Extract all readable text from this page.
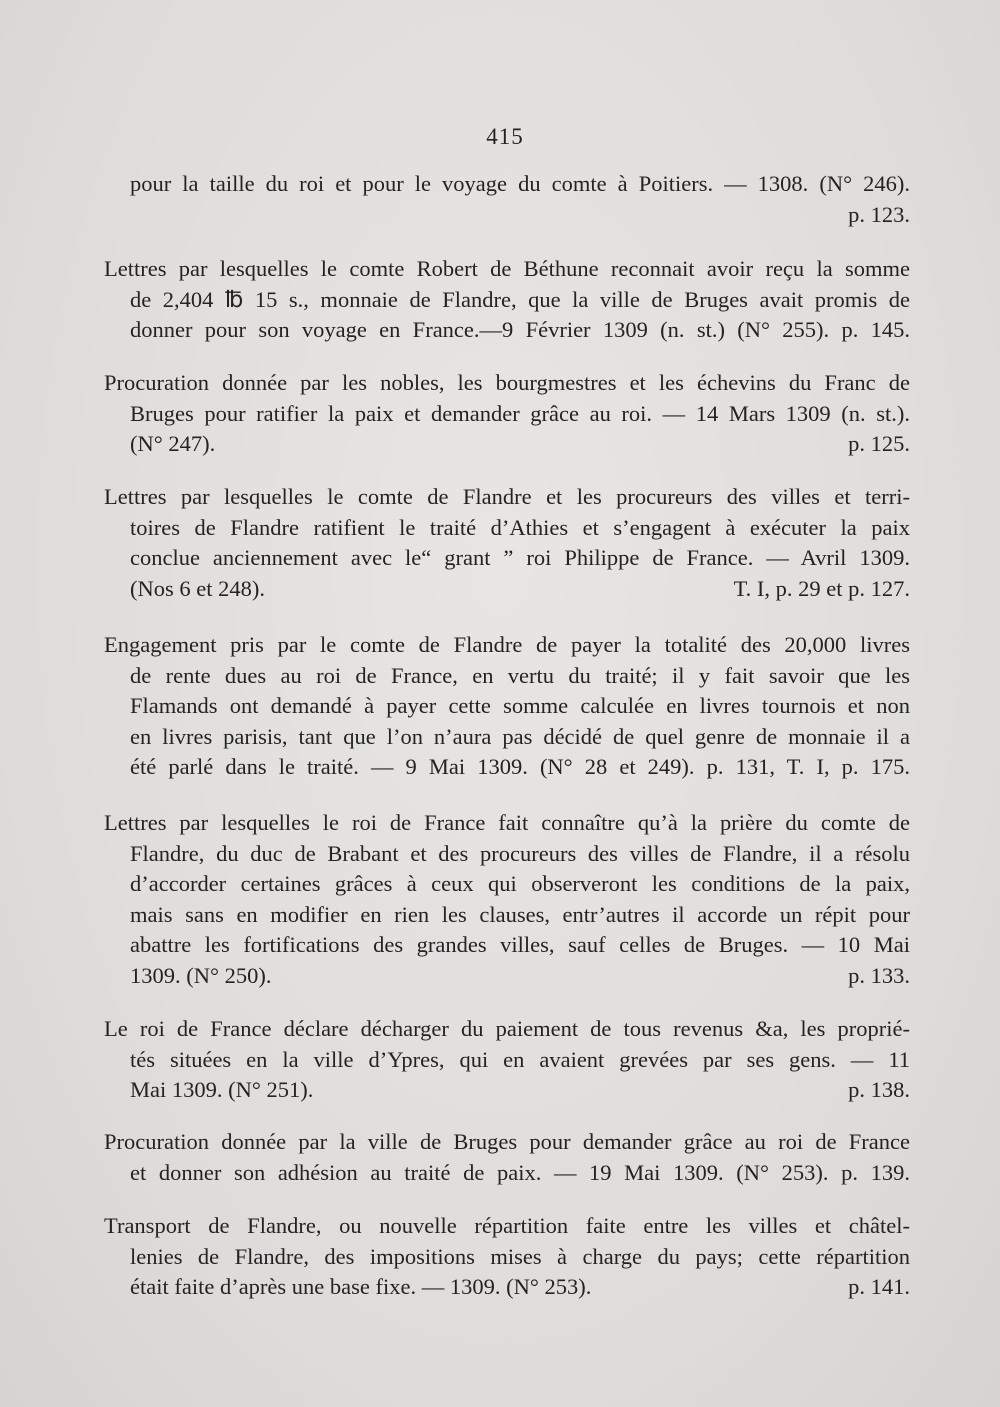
415
pour la taille du roi et pour le voyage du comte à Poitiers. — 1308. (N° 246).
p. 123.
Lettres par lesquelles le comte Robert de Béthune reconnait avoir reçu la somme
de 2,404 ℔ 15 s., monnaie de Flandre, que la ville de Bruges avait promis de
donner pour son voyage en France.—9 Février 1309 (n. st.) (N° 255). p. 145.
Procuration donnée par les nobles, les bourgmestres et les échevins du Franc de
Bruges pour ratifier la paix et demander grâce au roi. — 14 Mars 1309 (n. st.).
(N° 247).	p. 125.
Lettres par lesquelles le comte de Flandre et les procureurs des villes et terri-
toires de Flandre ratifient le traité d’Athies et s’engagent à exécuter la paix
conclue anciennement avec le“ grant ” roi Philippe de France. — Avril 1309.
(Nos 6 et 248).	T. I, p. 29 et p. 127.
Engagement pris par le comte de Flandre de payer la totalité des 20,000 livres
de rente dues au roi de France, en vertu du traité; il y fait savoir que les
Flamands ont demandé à payer cette somme calculée en livres tournois et non
en livres parisis, tant que l’on n’aura pas décidé de quel genre de monnaie il a
été parlé dans le traité. — 9 Mai 1309. (N° 28 et 249). p. 131, T. I, p. 175.
Lettres par lesquelles le roi de France fait connaître qu’à la prière du comte de
Flandre, du duc de Brabant et des procureurs des villes de Flandre, il a résolu
d’accorder certaines grâces à ceux qui observeront les conditions de la paix,
mais sans en modifier en rien les clauses, entr’autres il accorde un répit pour
abattre les fortifications des grandes villes, sauf celles de Bruges. — 10 Mai
1309. (N° 250).	p. 133.
Le roi de France déclare décharger du paiement de tous revenus &a, les proprié-
tés situées en la ville d’Ypres, qui en avaient grevées par ses gens. — 11
Mai 1309. (N° 251).	p. 138.
Procuration donnée par la ville de Bruges pour demander grâce au roi de France
et donner son adhésion au traité de paix. — 19 Mai 1309. (N° 253). p. 139.
Transport de Flandre, ou nouvelle répartition faite entre les villes et châtel-
lenies de Flandre, des impositions mises à charge du pays; cette répartition
était faite d’après une base fixe. — 1309. (N° 253).	p. 141.
